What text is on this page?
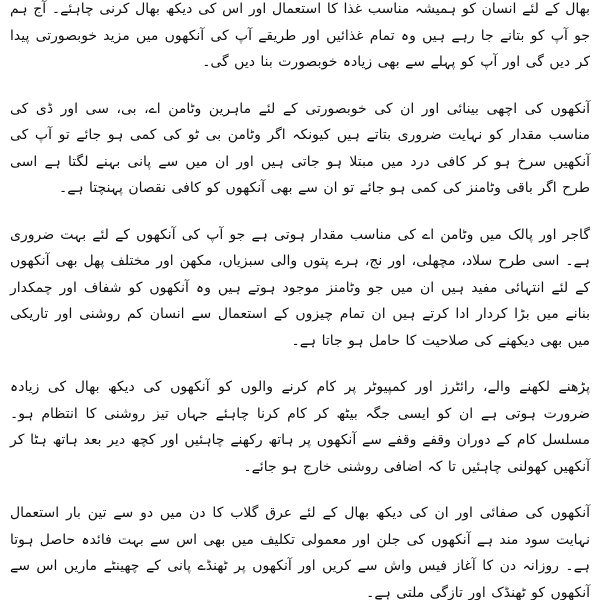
بھال کے لئے انسان کو ہمیشہ مناسب غذا کا استعمال اور اس کی دیکھ بھال کرنی چاہئے۔ آج ہم جو آپ کو بتانے جا رہے ہیں وہ تمام غذائیں اور طریقے آپ کی آنکھوں میں مزید خوبصورتی پیدا کر دیں گی اور آپ کو پہلے سے بھی زیادہ خوبصورت بنا دیں گی۔

آنکھوں کی اچھی بینائی اور ان کی خوبصورتی کے لئے ماہرین وٹامن اے، بی، سی اور ڈی کی مناسب مقدار کو نہایت ضروری بتاتے ہیں کیونکہ اگر وٹامن بی ٹو کی کمی ہو جائے تو آپ کی آنکھیں سرخ ہو کر کافی درد میں مبتلا ہو جاتی ہیں اور ان میں سے پانی بہنے لگتا ہے اسی طرح اگر باقی وٹامنز کی کمی ہو جائے تو ان سے بھی آنکھوں کو کافی نقصان پہنچتا ہے۔

گاجر اور پالک میں وٹامن اے کی مناسب مقدار ہوتی ہے جو آپ کی آنکھوں کے لئے بہت ضروری ہے۔ اسی طرح سلاد، مچھلی، اور نج، ہرے پتوں والی سبزیاں، مکھن اور مختلف پھل بھی آنکھوں کے لئے انتہائی مفید ہیں ان میں جو وٹامنز موجود ہوتے ہیں وہ آنکھوں کو شفاف اور چمکدار بنانے میں بڑا کردار ادا کرتے ہیں ان تمام چیزوں کے استعمال سے انسان کم روشنی اور تاریکی میں بھی دیکھنے کی صلاحیت کا حامل ہو جاتا ہے۔

پڑھنے لکھنے والے، رائٹرز اور کمپیوٹر پر کام کرنے والوں کو آنکھوں کی دیکھ بھال کی زیادہ ضرورت ہوتی ہے ان کو ایسی جگہ بیٹھ کر کام کرنا چاہئے جہاں تیز روشنی کا انتظام ہو۔ مسلسل کام کے دوران وقفے وقفے سے آنکھوں پر ہاتھ رکھنے چاہئیں اور کچھ دیر بعد ہاتھ ہٹا کر آنکھیں کھولنی چاہئیں تا کہ اضافی روشنی خارج ہو جائے۔

آنکھوں کی صفائی اور ان کی دیکھ بھال کے لئے عرق گلاب کا دن میں دو سے تین بار استعمال نہایت سود مند ہے آنکھوں کی جلن اور معمولی تکلیف میں بھی اس سے بہت فائدہ حاصل ہوتا ہے۔ روزانہ دن کا آغاز فیس واش سے کریں اور آنکھوں پر ٹھنڈے پانی کے چھینٹے ماریں اس سے آنکھوں کو ٹھنڈک اور تازگی ملتی ہے۔
